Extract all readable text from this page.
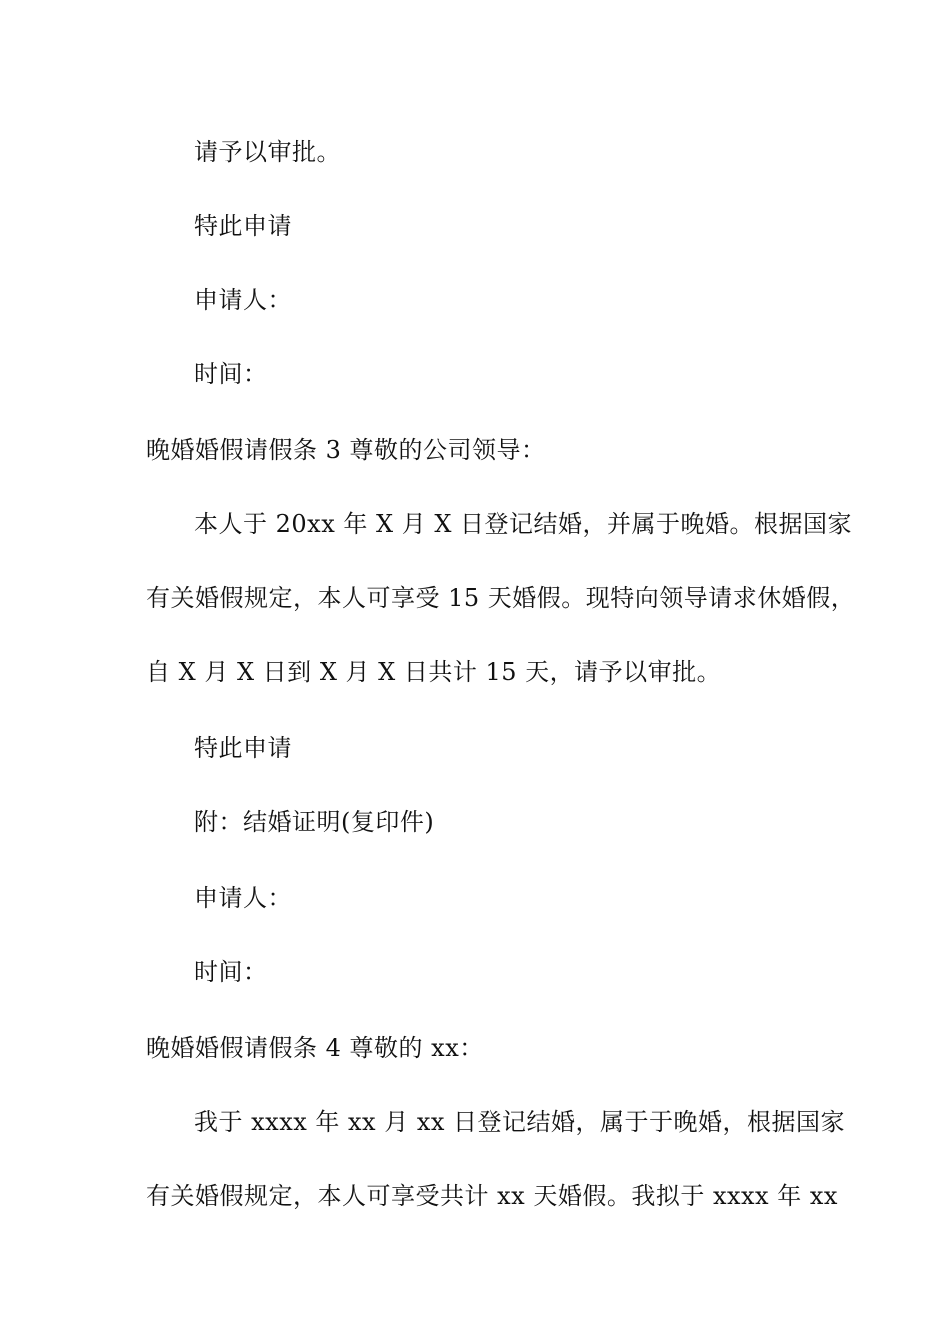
请予以审批。
特此申请
申请人：
时间：
晚婚婚假请假条 3 尊敬的公司领导：
本人于 20xx 年 X 月 X 日登记结婚，并属于晚婚。根据国家
有关婚假规定，本人可享受 15 天婚假。现特向领导请求休婚假，
自 X 月 X 日到 X 月 X 日共计 15 天，请予以审批。
特此申请
附：结婚证明(复印件)
申请人：
时间：
晚婚婚假请假条 4 尊敬的 xx：
我于 xxxx 年 xx 月 xx 日登记结婚，属于于晚婚，根据国家
有关婚假规定，本人可享受共计 xx 天婚假。我拟于 xxxx 年 xx
